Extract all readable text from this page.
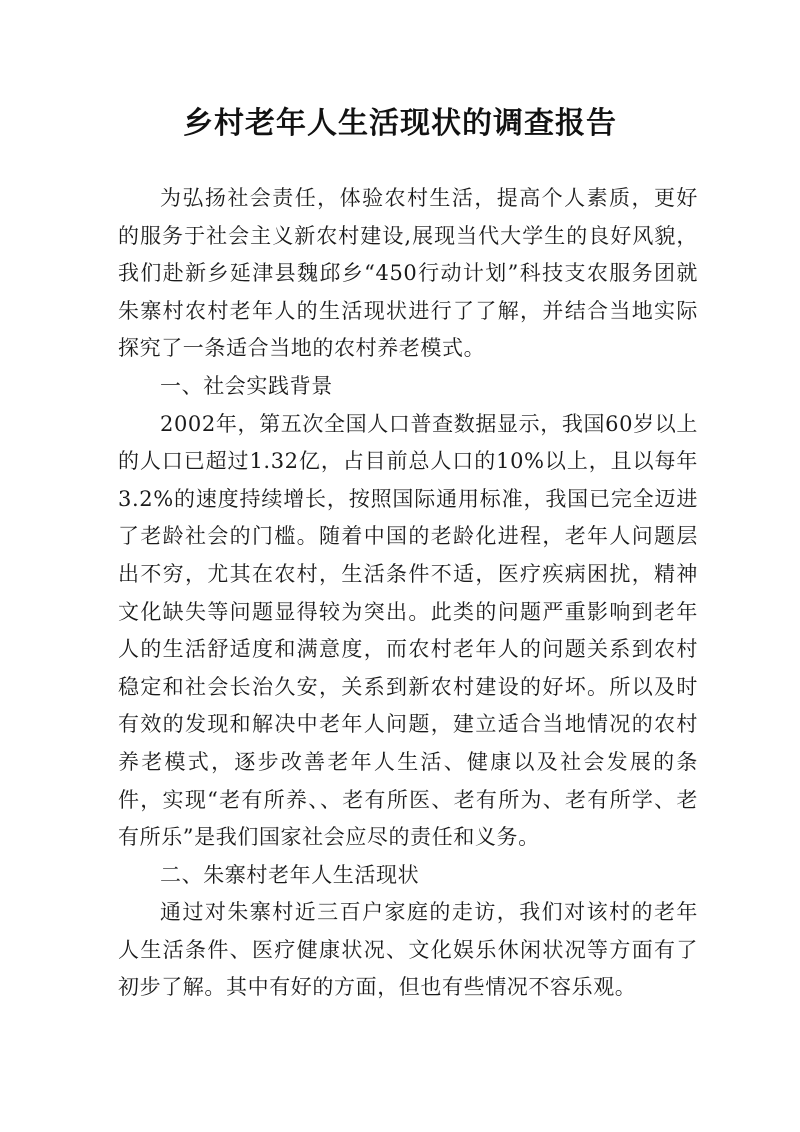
乡村老年人生活现状的调查报告

为弘扬社会责任，体验农村生活，提高个人素质，更好的服务于社会主义新农村建设,展现当代大学生的良好风貌，我们赴新乡延津县魏邱乡“450行动计划”科技支农服务团就朱寨村农村老年人的生活现状进行了了解，并结合当地实际探究了一条适合当地的农村养老模式。

一、社会实践背景

2002年，第五次全国人口普查数据显示，我国60岁以上的人口已超过1.32亿，占目前总人口的10%以上，且以每年3.2%的速度持续增长，按照国际通用标准，我国已完全迈进了老龄社会的门槛。随着中国的老龄化进程，老年人问题层出不穷，尤其在农村，生活条件不适，医疗疾病困扰，精神文化缺失等问题显得较为突出。此类的问题严重影响到老年人的生活舒适度和满意度，而农村老年人的问题关系到农村稳定和社会长治久安，关系到新农村建设的好坏。所以及时有效的发现和解决中老年人问题，建立适合当地情况的农村养老模式，逐步改善老年人生活、健康以及社会发展的条件，实现“老有所养、、老有所医、老有所为、老有所学、老有所乐”是我们国家社会应尽的责任和义务。

二、朱寨村老年人生活现状

通过对朱寨村近三百户家庭的走访，我们对该村的老年人生活条件、医疗健康状况、文化娱乐休闲状况等方面有了初步了解。其中有好的方面，但也有些情况不容乐观。
